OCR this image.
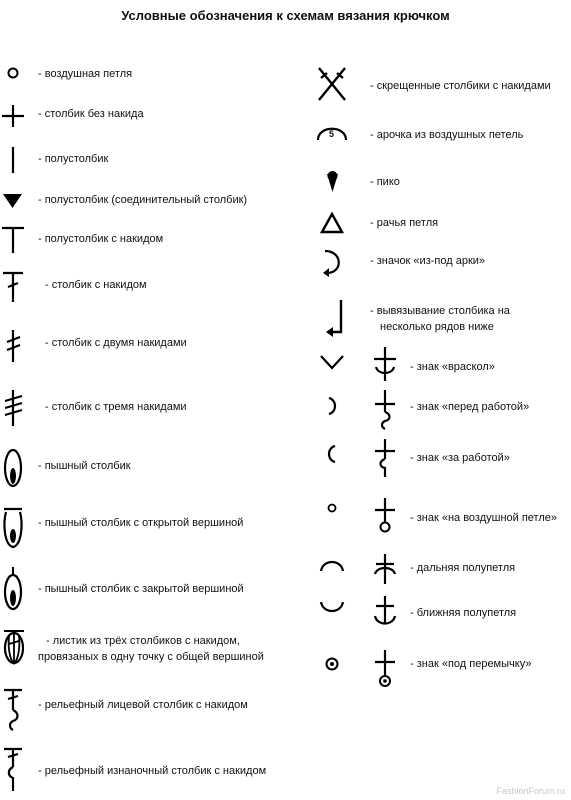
Условные обозначения к схемам вязания крючком
- воздушная петля
- столбик без накида
- полустолбик
- полустолбик (соединительный столбик)
- полустолбик с накидом
- столбик с накидом
- столбик с двумя накидами
- столбик с тремя накидами
- пышный столбик
- пышный столбик с открытой вершиной
- пышный столбик с закрытой вершиной
- листик из трёх столбиков с накидом,
провязаных в одну точку с общей вершиной
- рельефный лицевой столбик с накидом
- рельефный изнаночный столбик с накидом
- скрещенные столбики с накидами
5	- арочка из воздушных петель
- пико
- рачья петля
- значок «из-под арки»
- вывязывание столбика на
несколько рядов ниже
- знак «враскол»
- знак «перед работой»
- знак «за работой»
- знак «на воздушной петле»
- дальняя полупетля
- ближняя полупетля
- знак «под перемычку»
FashionForum.ru
